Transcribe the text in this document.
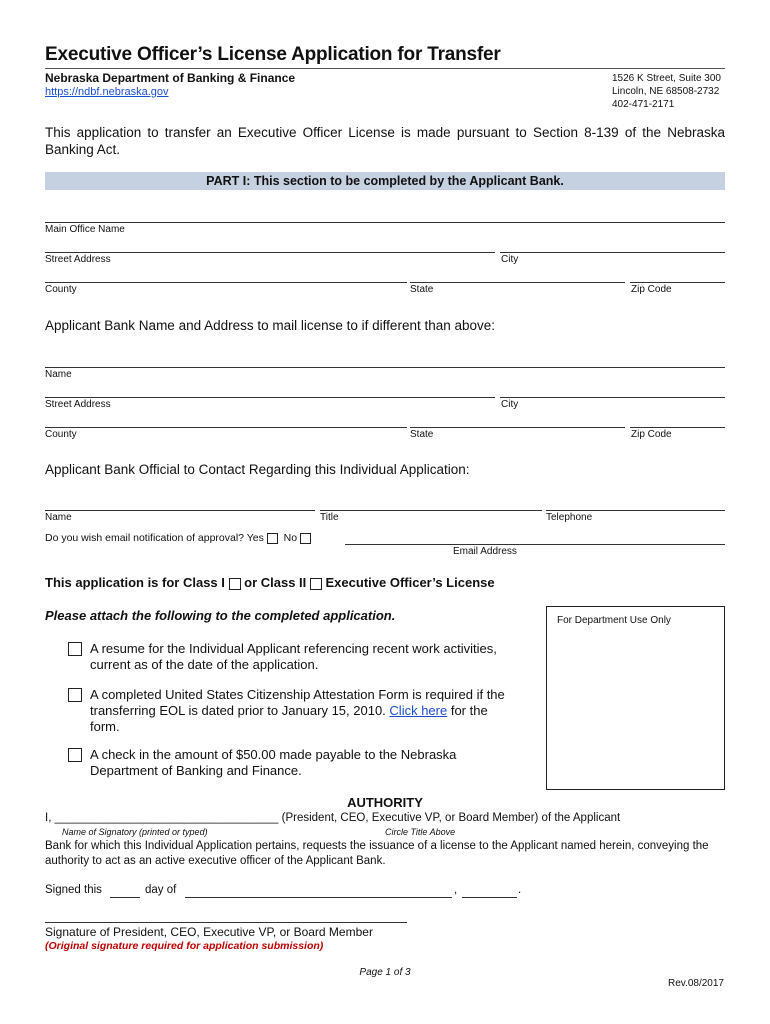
Executive Officer’s License Application for Transfer
Nebraska Department of Banking & Finance
https://ndbf.nebraska.gov
1526 K Street, Suite 300
Lincoln, NE 68508-2732
402-471-2171
This application to transfer an Executive Officer License is made pursuant to Section 8-139 of the Nebraska Banking Act.
PART I: This section to be completed by the Applicant Bank.
Main Office Name
Street Address	City
County	State	Zip Code
Applicant Bank Name and Address to mail license to if different than above:
Name
Street Address	City
County	State	Zip Code
Applicant Bank Official to Contact Regarding this Individual Application:
Name	Title	Telephone
Do you wish email notification of approval? Yes No
Email Address
This application is for Class I or Class II Executive Officer’s License
Please attach the following to the completed application.	For Department Use Only
A resume for the Individual Applicant referencing recent work activities, current as of the date of the application.
A completed United States Citizenship Attestation Form is required if the transferring EOL is dated prior to January 15, 2010. Click here for the form.
A check in the amount of $50.00 made payable to the Nebraska Department of Banking and Finance.
AUTHORITY
I, ___________________________________ (President, CEO, Executive VP, or Board Member) of the Applicant
Name of Signatory (printed or typed)	Circle Title Above
Bank for which this Individual Application pertains, requests the issuance of a license to the Applicant named herein, conveying the authority to act as an active executive officer of the Applicant Bank.
Signed this	day of	,	.
Signature of President, CEO, Executive VP, or Board Member
(Original signature required for application submission)
Page 1 of 3
Rev.08/2017
